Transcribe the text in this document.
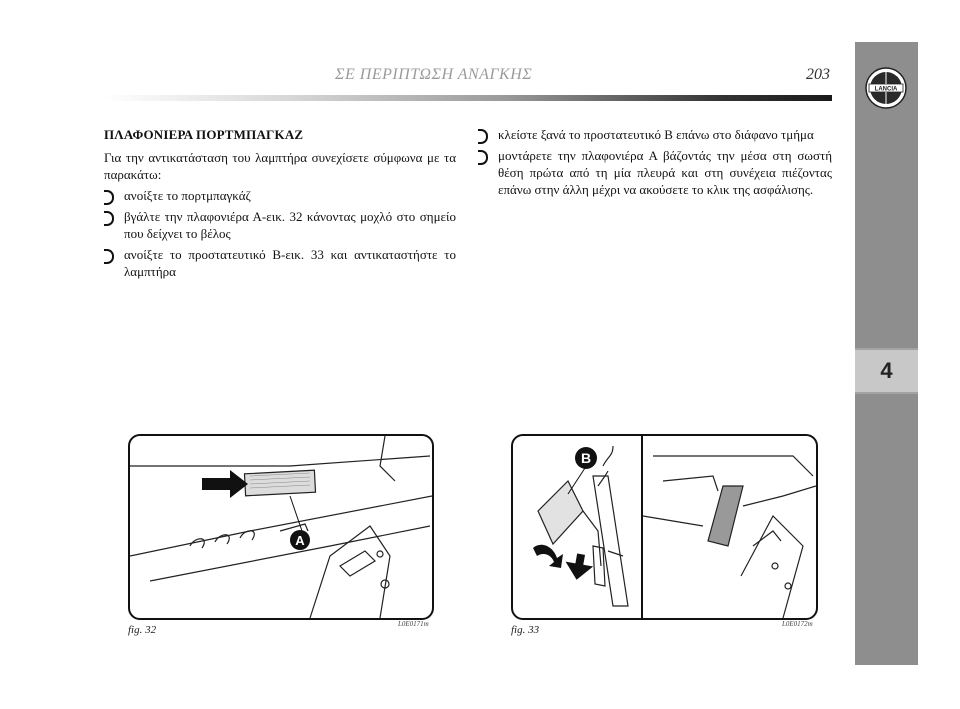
ΣΕ ΠΕΡΙΠΤΩΣΗ ΑΝΑΓΚΗΣ	203
LANCIA
4
ΠΛΑΦΟΝΙΕΡΑ ΠΟΡΤΜΠΑΓΚΑΖ
Για την αντικατάσταση του λαμπτήρα συνεχίσετε σύμφωνα με τα παρακάτω:
ανοίξτε το πορτμπαγκάζ
βγάλτε την πλαφονιέρα Α-εικ. 32 κάνοντας μοχλό στο σημείο που δείχνει το βέλος
ανοίξτε το προστατευτικό Β-εικ. 33 και αντικαταστήστε το λαμπτήρα
κλείστε ξανά το προστατευτικό Β επάνω στο διάφανο τμήμα
μοντάρετε την πλαφονιέρα Α βάζοντάς την μέσα στη σωστή θέση πρώτα από τη μία πλευρά και στη συνέχεια πιέζοντας επάνω στην άλλη μέχρι να ακούσετε το κλικ της ασφάλισης.
A
fig. 32	L0E0171m
B
fig. 33	L0E0172m
